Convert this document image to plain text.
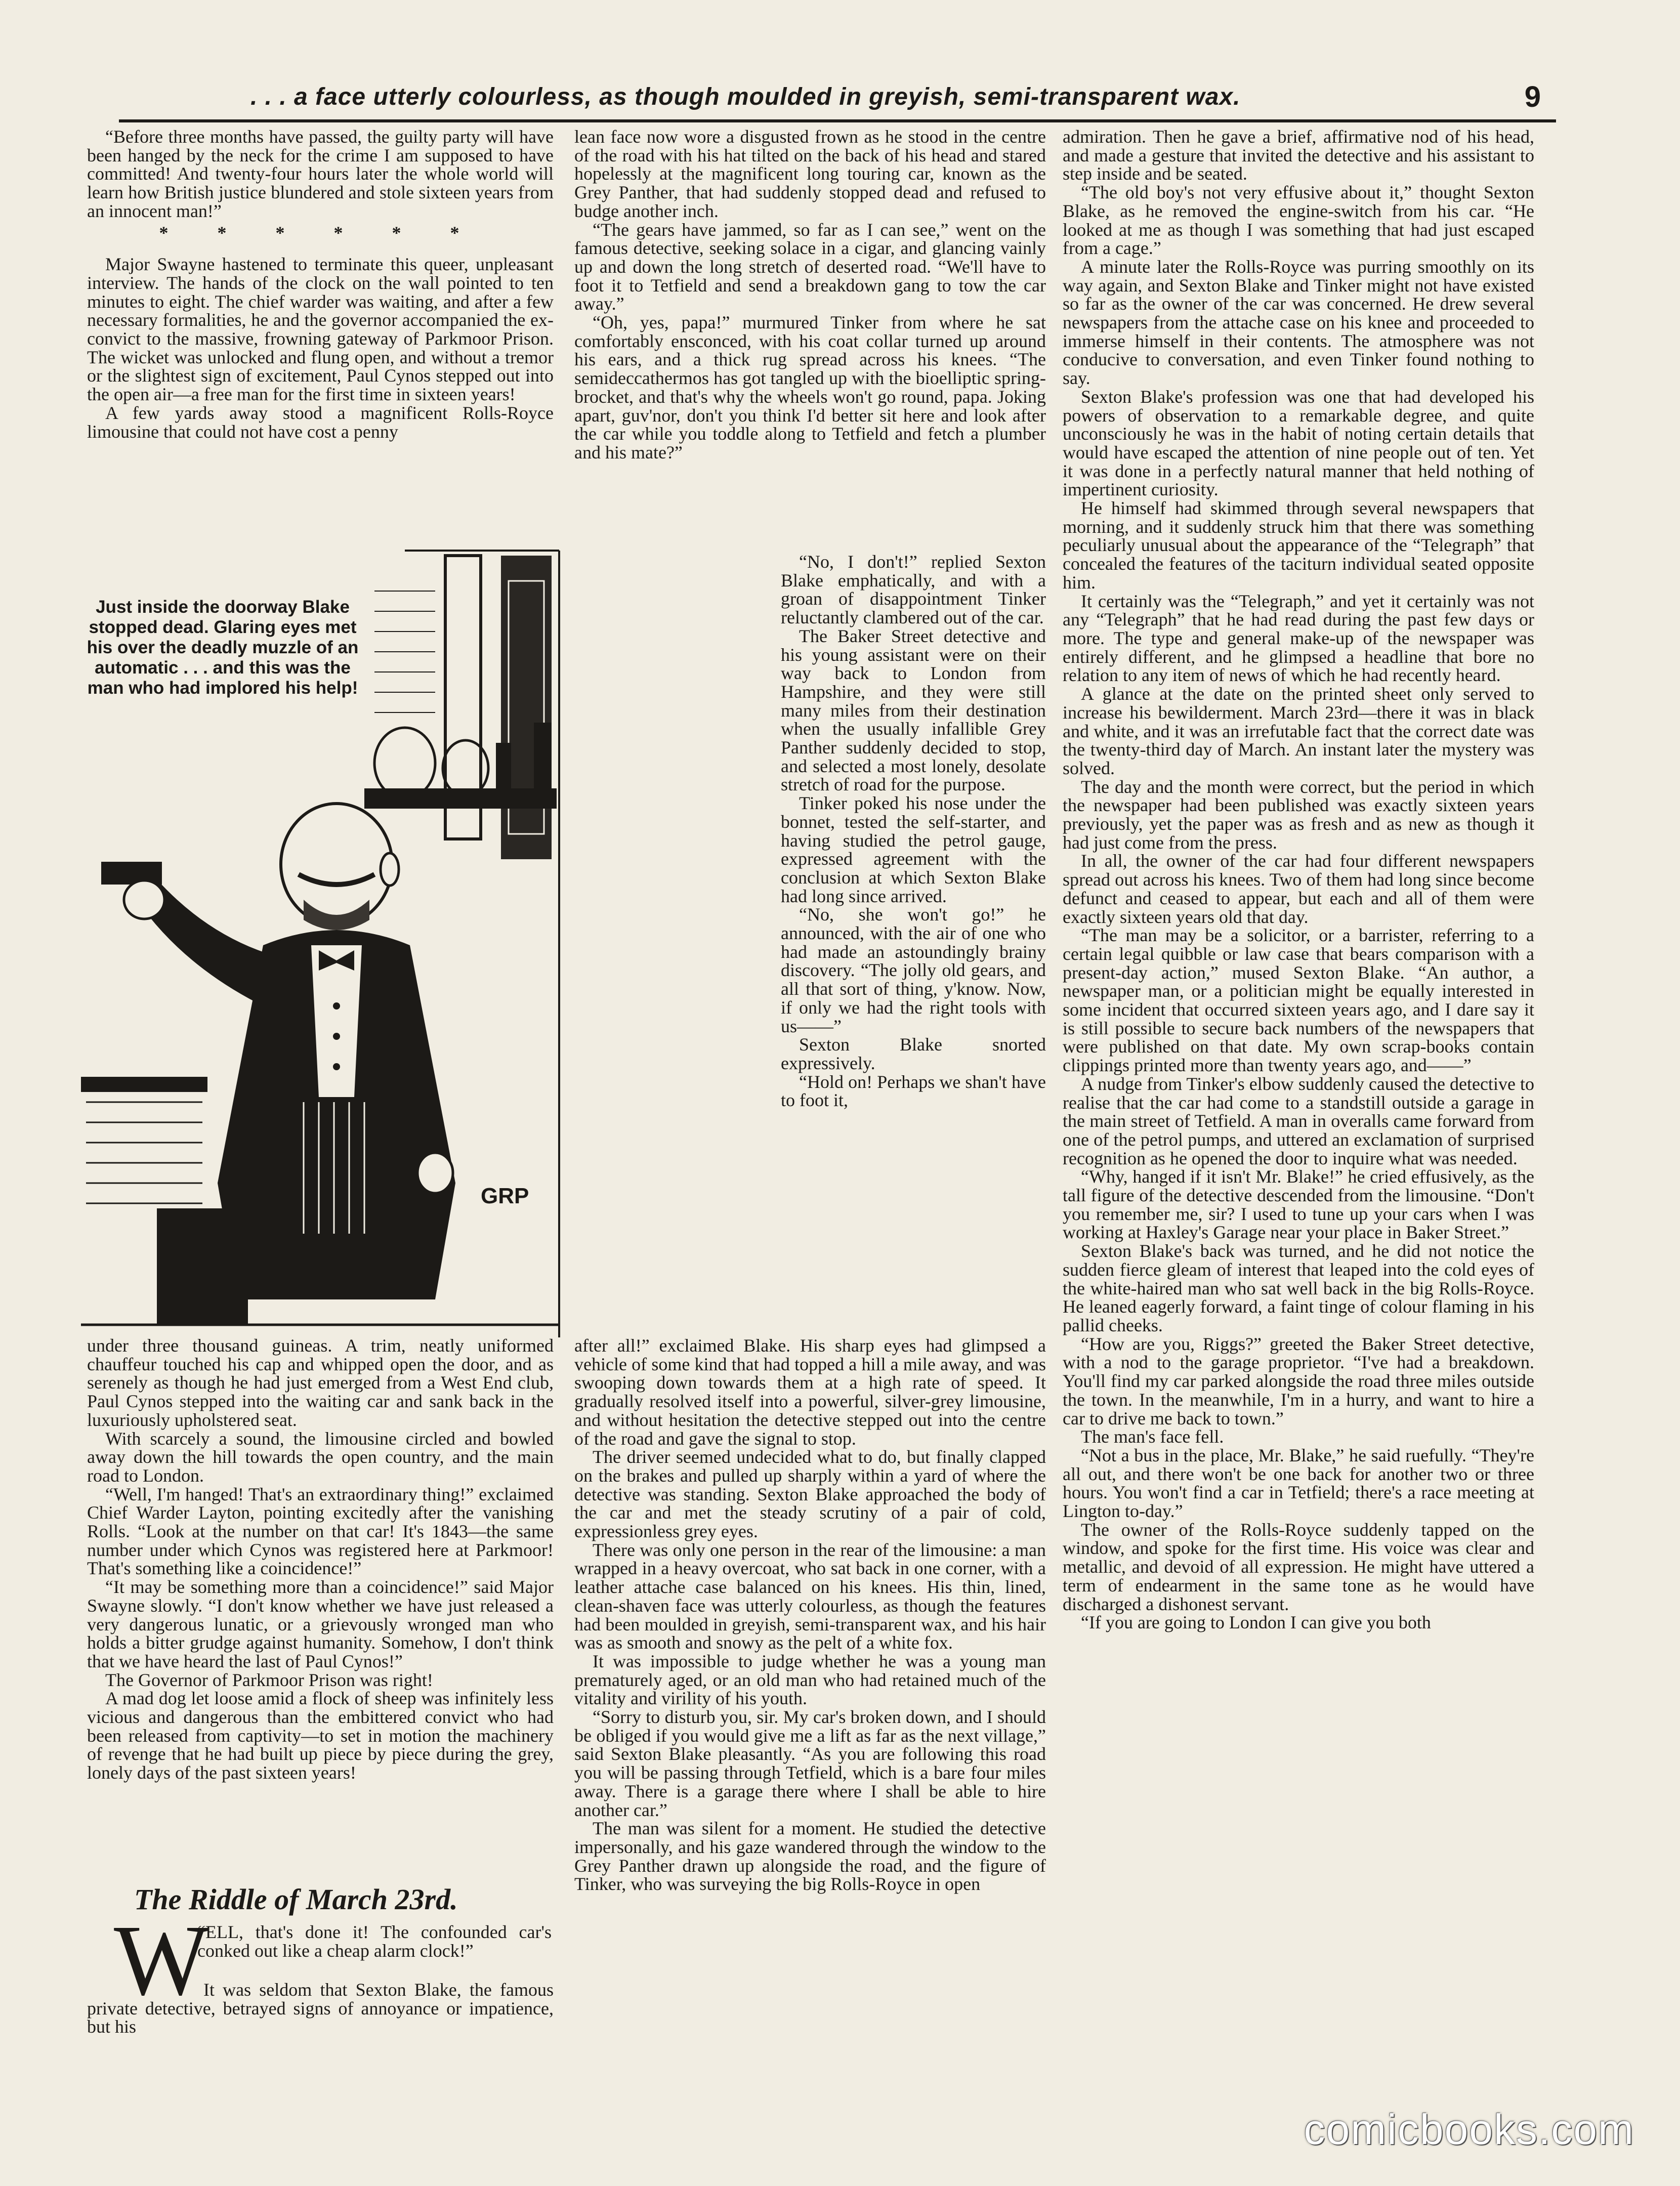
. . . a face utterly colourless, as though moulded in greyish, semi-transparent wax.	9

“Before three months have passed, the guilty party will have been hanged by the neck for the crime I am supposed to have committed! And twenty-four hours later the whole world will learn how British justice blundered and stole sixteen years from an innocent man!”

* * * * * *

Major Swayne hastened to terminate this queer, unpleasant interview. The hands of the clock on the wall pointed to ten minutes to eight. The chief warder was waiting, and after a few necessary formalities, he and the governor accompanied the ex-convict to the massive, frowning gateway of Parkmoor Prison. The wicket was unlocked and flung open, and without a tremor or the slightest sign of excitement, Paul Cynos stepped out into the open air—a free man for the first time in sixteen years!

A few yards away stood a magnificent Rolls-Royce limousine that could not have cost a penny

GRP
Just inside the doorway Blake stopped dead. Glaring eyes met his over the deadly muzzle of an automatic . . . and this was the man who had implored his help!

under three thousand guineas. A trim, neatly uniformed chauffeur touched his cap and whipped open the door, and as serenely as though he had just emerged from a West End club, Paul Cynos stepped into the waiting car and sank back in the luxuriously upholstered seat.

With scarcely a sound, the limousine circled and bowled away down the hill towards the open country, and the main road to London.

“Well, I'm hanged! That's an extraordinary thing!” exclaimed Chief Warder Layton, pointing excitedly after the vanishing Rolls. “Look at the number on that car! It's 1843—the same number under which Cynos was registered here at Parkmoor! That's something like a coincidence!”

“It may be something more than a coincidence!” said Major Swayne slowly. “I don't know whether we have just released a very dangerous lunatic, or a grievously wronged man who holds a bitter grudge against humanity. Somehow, I don't think that we have heard the last of Paul Cynos!”

The Governor of Parkmoor Prison was right!

A mad dog let loose amid a flock of sheep was infinitely less vicious and dangerous than the embittered convict who had been released from captivity—to set in motion the machinery of revenge that he had built up piece by piece during the grey, lonely days of the past sixteen years!

The Riddle of March 23rd.
W

“ELL, that's done it! The confounded car's conked out like a cheap alarm clock!”

It was seldom that Sexton Blake, the famous private detective, betrayed signs of annoyance or impatience, but his

lean face now wore a disgusted frown as he stood in the centre of the road with his hat tilted on the back of his head and stared hopelessly at the magnificent long touring car, known as the Grey Panther, that had suddenly stopped dead and refused to budge another inch.

“The gears have jammed, so far as I can see,” went on the famous detective, seeking solace in a cigar, and glancing vainly up and down the long stretch of deserted road. “We'll have to foot it to Tetfield and send a breakdown gang to tow the car away.”

“Oh, yes, papa!” murmured Tinker from where he sat comfortably ensconced, with his coat collar turned up around his ears, and a thick rug spread across his knees. “The semideccathermos has got tangled up with the bioelliptic spring-brocket, and that's why the wheels won't go round, papa. Joking apart, guv'nor, don't you think I'd better sit here and look after the car while you toddle along to Tetfield and fetch a plumber and his mate?”

“No, I don't!” replied Sexton Blake emphatically, and with a groan of disappointment Tinker reluctantly clambered out of the car.

The Baker Street detective and his young assistant were on their way back to London from Hampshire, and they were still many miles from their destination when the usually infallible Grey Panther suddenly decided to stop, and selected a most lonely, desolate stretch of road for the purpose.

Tinker poked his nose under the bonnet, tested the self-starter, and having studied the petrol gauge, expressed agreement with the conclusion at which Sexton Blake had long since arrived.

“No, she won't go!” he announced, with the air of one who had made an astoundingly brainy discovery. “The jolly old gears, and all that sort of thing, y'know. Now, if only we had the right tools with us——”

Sexton Blake snorted expressively.

“Hold on! Perhaps we shan't have to foot it,

after all!” exclaimed Blake. His sharp eyes had glimpsed a vehicle of some kind that had topped a hill a mile away, and was swooping down towards them at a high rate of speed. It gradually resolved itself into a powerful, silver-grey limousine, and without hesitation the detective stepped out into the centre of the road and gave the signal to stop.

The driver seemed undecided what to do, but finally clapped on the brakes and pulled up sharply within a yard of where the detective was standing. Sexton Blake approached the body of the car and met the steady scrutiny of a pair of cold, expressionless grey eyes.

There was only one person in the rear of the limousine: a man wrapped in a heavy overcoat, who sat back in one corner, with a leather attache case balanced on his knees. His thin, lined, clean-shaven face was utterly colourless, as though the features had been moulded in greyish, semi-transparent wax, and his hair was as smooth and snowy as the pelt of a white fox.

It was impossible to judge whether he was a young man prematurely aged, or an old man who had retained much of the vitality and virility of his youth.

“Sorry to disturb you, sir. My car's broken down, and I should be obliged if you would give me a lift as far as the next village,” said Sexton Blake pleasantly. “As you are following this road you will be passing through Tetfield, which is a bare four miles away. There is a garage there where I shall be able to hire another car.”

The man was silent for a moment. He studied the detective impersonally, and his gaze wandered through the window to the Grey Panther drawn up alongside the road, and the figure of Tinker, who was surveying the big Rolls-Royce in open

admiration. Then he gave a brief, affirmative nod of his head, and made a gesture that invited the detective and his assistant to step inside and be seated.

“The old boy's not very effusive about it,” thought Sexton Blake, as he removed the engine-switch from his car. “He looked at me as though I was something that had just escaped from a cage.”

A minute later the Rolls-Royce was purring smoothly on its way again, and Sexton Blake and Tinker might not have existed so far as the owner of the car was concerned. He drew several newspapers from the attache case on his knee and proceeded to immerse himself in their contents. The atmosphere was not conducive to conversation, and even Tinker found nothing to say.

Sexton Blake's profession was one that had developed his powers of observation to a remarkable degree, and quite unconsciously he was in the habit of noting certain details that would have escaped the attention of nine people out of ten. Yet it was done in a perfectly natural manner that held nothing of impertinent curiosity.

He himself had skimmed through several newspapers that morning, and it suddenly struck him that there was something peculiarly unusual about the appearance of the “Telegraph” that concealed the features of the taciturn individual seated opposite him.

It certainly was the “Telegraph,” and yet it certainly was not any “Telegraph” that he had read during the past few days or more. The type and general make-up of the newspaper was entirely different, and he glimpsed a headline that bore no relation to any item of news of which he had recently heard.

A glance at the date on the printed sheet only served to increase his bewilderment. March 23rd—there it was in black and white, and it was an irrefutable fact that the correct date was the twenty-third day of March. An instant later the mystery was solved.

The day and the month were correct, but the period in which the newspaper had been published was exactly sixteen years previously, yet the paper was as fresh and as new as though it had just come from the press.

In all, the owner of the car had four different newspapers spread out across his knees. Two of them had long since become defunct and ceased to appear, but each and all of them were exactly sixteen years old that day.

“The man may be a solicitor, or a barrister, referring to a certain legal quibble or law case that bears comparison with a present-day action,” mused Sexton Blake. “An author, a newspaper man, or a politician might be equally interested in some incident that occurred sixteen years ago, and I dare say it is still possible to secure back numbers of the newspapers that were published on that date. My own scrap-books contain clippings printed more than twenty years ago, and——”

A nudge from Tinker's elbow suddenly caused the detective to realise that the car had come to a standstill outside a garage in the main street of Tetfield. A man in overalls came forward from one of the petrol pumps, and uttered an exclamation of surprised recognition as he opened the door to inquire what was needed.

“Why, hanged if it isn't Mr. Blake!” he cried effusively, as the tall figure of the detective descended from the limousine. “Don't you remember me, sir? I used to tune up your cars when I was working at Haxley's Garage near your place in Baker Street.”

Sexton Blake's back was turned, and he did not notice the sudden fierce gleam of interest that leaped into the cold eyes of the white-haired man who sat well back in the big Rolls-Royce. He leaned eagerly forward, a faint tinge of colour flaming in his pallid cheeks.

“How are you, Riggs?” greeted the Baker Street detective, with a nod to the garage proprietor. “I've had a breakdown. You'll find my car parked alongside the road three miles outside the town. In the meanwhile, I'm in a hurry, and want to hire a car to drive me back to town.”

The man's face fell.

“Not a bus in the place, Mr. Blake,” he said ruefully. “They're all out, and there won't be one back for another two or three hours. You won't find a car in Tetfield; there's a race meeting at Lington to-day.”

The owner of the Rolls-Royce suddenly tapped on the window, and spoke for the first time. His voice was clear and metallic, and devoid of all expression. He might have uttered a term of endearment in the same tone as he would have discharged a dishonest servant.

“If you are going to London I can give you both

comicbooks.com
